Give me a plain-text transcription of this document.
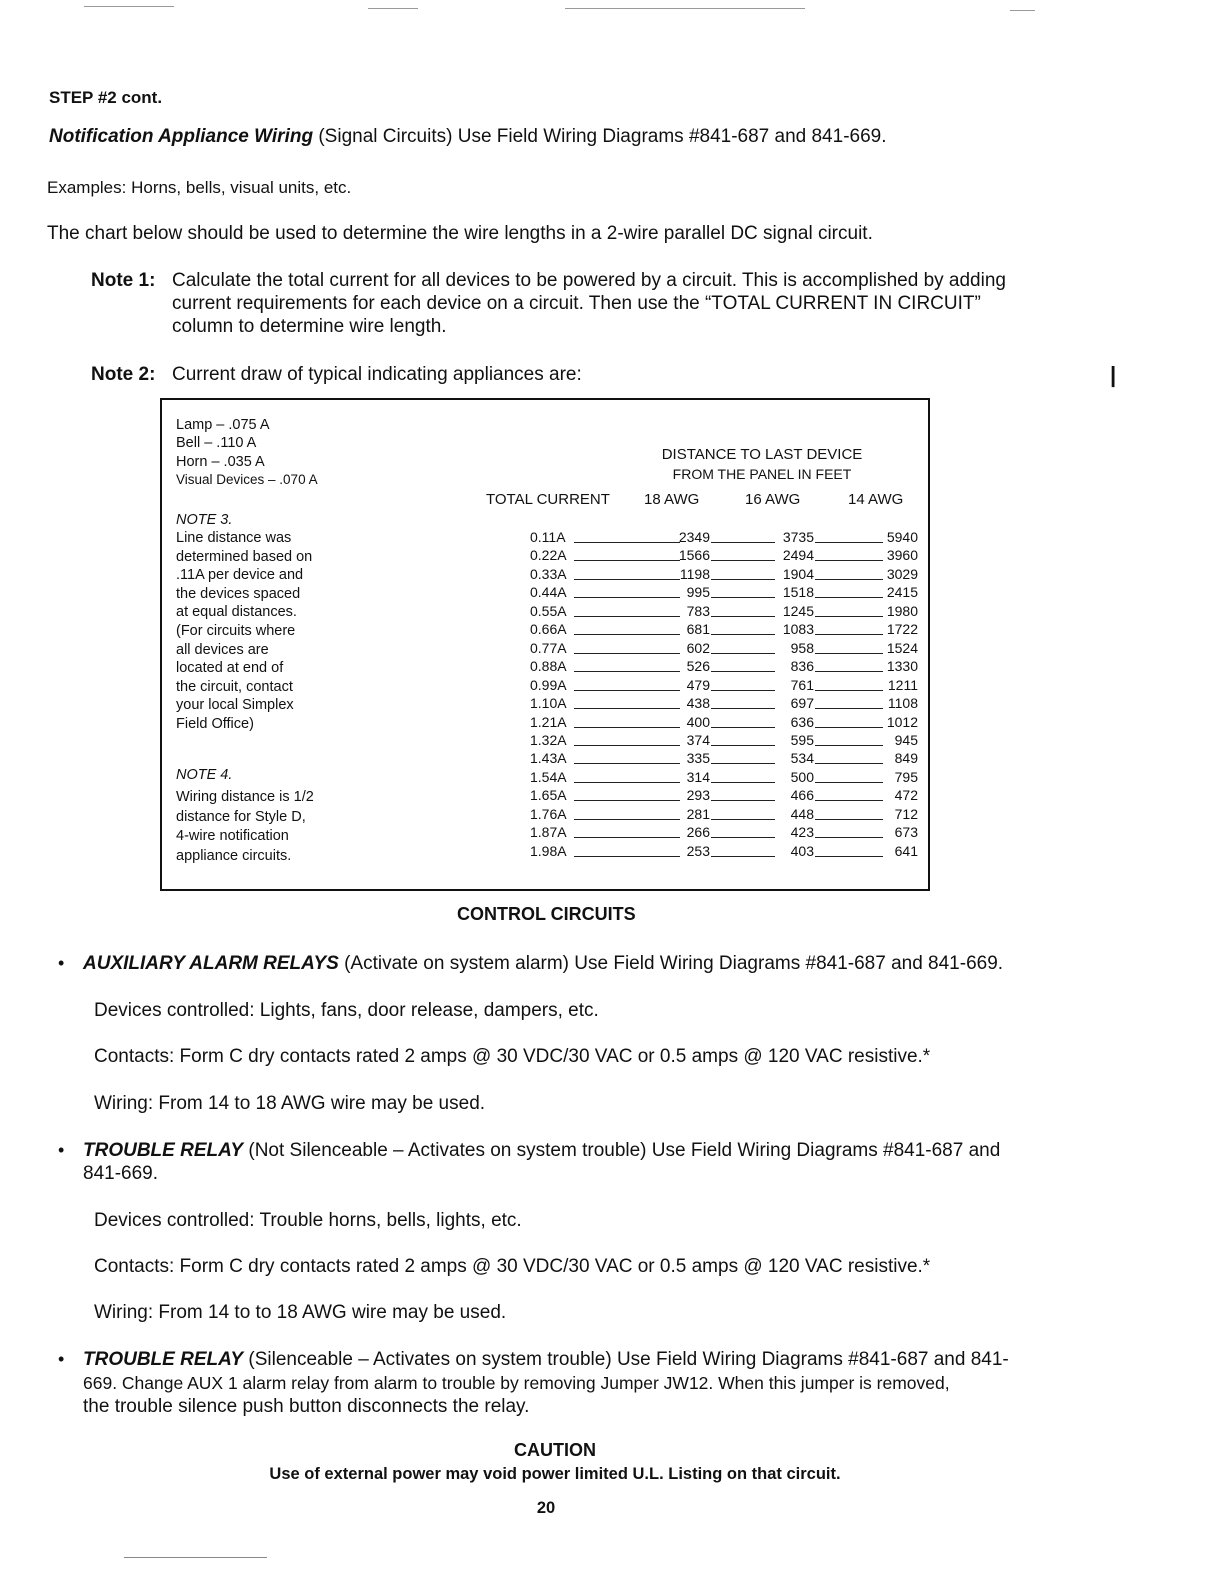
|
STEP #2 cont.
Notification Appliance Wiring (Signal Circuits) Use Field Wiring Diagrams #841-687 and 841-669.
Examples: Horns, bells, visual units, etc.
The chart below should be used to determine the wire lengths in a 2-wire parallel DC signal circuit.
Note 1: Calculate the total current for all devices to be powered by a circuit. This is accomplished by adding
current requirements for each device on a circuit. Then use the “TOTAL CURRENT IN CIRCUIT”
column to determine wire length.
Note 2: Current draw of typical indicating appliances are:
Lamp – .075 A
Bell – .110 A
Horn – .035 A
Visual Devices – .070 A
DISTANCE TO LAST DEVICE
FROM THE PANEL IN FEET
TOTAL CURRENT 18 AWG	16 AWG	14 AWG
NOTE 3.
Line distance was
determined based on
.11A per device and
the devices spaced
at equal distances.
(For circuits where
all devices are
located at end of
the circuit, contact
your local Simplex
Field Office)
NOTE 4.
Wiring distance is 1/2
distance for Style D,
4-wire notification
appliance circuits.
0.11A	2349	3735	5940
0.22A	1566	2494	3960
0.33A	1198	1904	3029
0.44A	995	1518	2415
0.55A	783	1245	1980
0.66A	681	1083	1722
0.77A	602	958	1524
0.88A	526	836	1330
0.99A	479	761	1211
1.10A	438	697	1108
1.21A	400	636	1012
1.32A	374	595	945
1.43A	335	534	849
1.54A	314	500	795
1.65A	293	466	472
1.76A	281	448	712
1.87A	266	423	673
1.98A	253	403	641
CONTROL CIRCUITS
• AUXILIARY ALARM RELAYS (Activate on system alarm) Use Field Wiring Diagrams #841-687 and 841-669.
Devices controlled: Lights, fans, door release, dampers, etc.
Contacts: Form C dry contacts rated 2 amps @ 30 VDC/30 VAC or 0.5 amps @ 120 VAC resistive.*
Wiring: From 14 to 18 AWG wire may be used.
• TROUBLE RELAY (Not Silenceable – Activates on system trouble) Use Field Wiring Diagrams #841-687 and
841-669.
Devices controlled: Trouble horns, bells, lights, etc.
Contacts: Form C dry contacts rated 2 amps @ 30 VDC/30 VAC or 0.5 amps @ 120 VAC resistive.*
Wiring: From 14 to to 18 AWG wire may be used.
• TROUBLE RELAY (Silenceable – Activates on system trouble) Use Field Wiring Diagrams #841-687 and 841-
669. Change AUX 1 alarm relay from alarm to trouble by removing Jumper JW12. When this jumper is removed,
the trouble silence push button disconnects the relay.
CAUTION
Use of external power may void power limited U.L. Listing on that circuit.
20
